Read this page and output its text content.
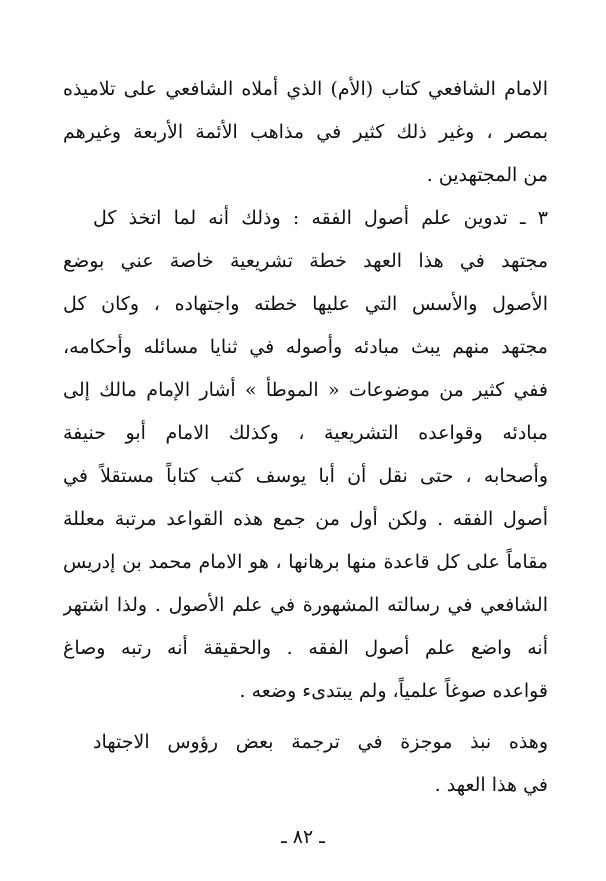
الامام الشافعي كتاب (الأم) الذي أملاه الشافعي على تلاميذه
بمصر ، وغير ذلك كثير في مذاهب الأئمة الأربعة وغيرهم
من المجتهدين .
٣ ـ تدوين علم أصول الفقه : وذلك أنه لما اتخذ كل
مجتهد في هذا العهد خطة تشريعية خاصة عني بوضع
الأصول والأسس التي عليها خطته واجتهاده ، وكان كل
مجتهد منهم يبث مبادئه وأصوله في ثنايا مسائله وأحكامه،
ففي كثير من موضوعات « الموطأ » أشار الإمام مالك إلى
مبادئه وقواعده التشريعية ، وكذلك الامام أبو حنيفة
وأصحابه ، حتى نقل أن أبا يوسف كتب كتاباً مستقلاً في
أصول الفقه . ولكن أول من جمع هذه القواعد مرتبة معللة
مقاماً على كل قاعدة منها برهانها ، هو الامام محمد بن إدريس
الشافعي في رسالته المشهورة في علم الأصول . ولذا اشتهر
أنه واضع علم أصول الفقه . والحقيقة أنه رتبه وصاغ
قواعده صوغاً علمياً، ولم يبتدىء وضعه .
وهذه نبذ موجزة في ترجمة بعض رؤوس الاجتهاد
في هذا العهد .
ـ ٨٢ ـ
